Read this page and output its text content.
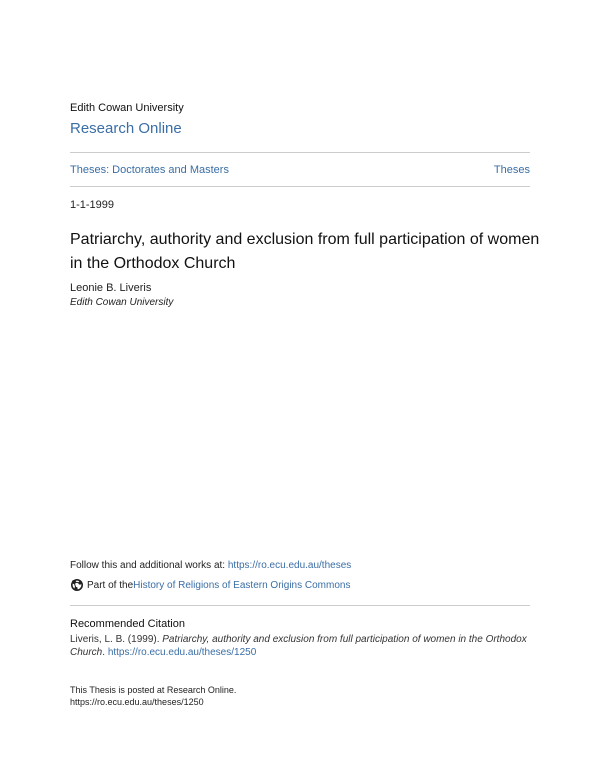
Edith Cowan University
Research Online
Theses: Doctorates and Masters	Theses
1-1-1999
Patriarchy, authority and exclusion from full participation of women in the Orthodox Church
Leonie B. Liveris
Edith Cowan University
Follow this and additional works at: https://ro.ecu.edu.au/theses
Part of the History of Religions of Eastern Origins Commons
Recommended Citation
Liveris, L. B. (1999). Patriarchy, authority and exclusion from full participation of women in the Orthodox Church. https://ro.ecu.edu.au/theses/1250
This Thesis is posted at Research Online.
https://ro.ecu.edu.au/theses/1250
